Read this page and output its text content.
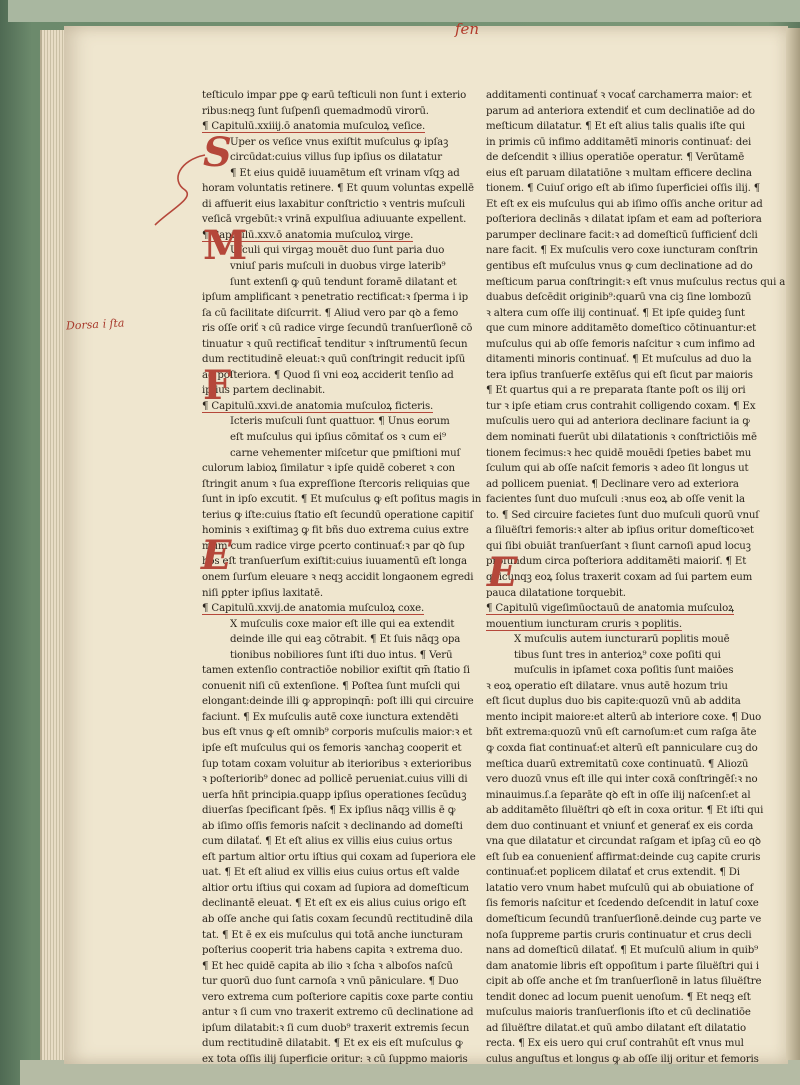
fen
Dorsa ı̇ ſta
teſticulo impar ꝑpe ꝙ earū teſticuli non ſunt i exterio
ribus:neqꝫ ſunt ſuſpenſi quemadmodū virorū.
¶ Capitulū.xxiiij.ō anatomia muſculoꝝ veſice.
Uper os veſice vnus exiſtit muſculus ꝙ ipſaꝫ
circūdat:cuius villus ſup ipſius os dilatatur
¶ Et eius quidē iuuamētum eſt vrinam vſqꝫ ad
horam voluntatis retinere. ¶ Et quum voluntas expellē
di affuerit eius laxabitur conſtrictio ꝛ ventris muſculi
veſicā vrgebūt:ꝛ vrinā expulſiua adiuuante expellent.
¶ Capitulū.xxv.ō anatomia muſculoꝝ virge.
Uſculi qui virgaꝫ mouēt duo ſunt paria duo
vniuſ paris muſculi in duobus virge laterib⁹
ſunt extenſi ꝙ quū tendunt foramē dilatant et
ipſum amplificant ꝛ penetratio rectificat:ꝛ ſperma i ip
ſa cū facilitate diſcurrit. ¶ Aliud vero par qꝺ a femo
ris oſſe oriť ꝛ cū radice virge ſecundū tranſuerſionē cō
tinuatur ꝛ quū rectificat̄ tenditur ꝛ inſtrumentū ſecun
dum rectitudinē eleuat:ꝛ quū conſtringit reducit ipſū
ad poſteriora. ¶ Quod ſi vni eoꝝ acciderit tenſio ad
ipſius partem declinabit.
¶ Capitulū.xxvi.de anatomia muſculoꝝ ficteris.
Icteris muſculi ſunt quattuor. ¶ Unus eorum
eſt muſculus qui ipſius cōmitať os ꝛ cum ei⁹
carne vehementer miſcetur que pmiſtioni muſ
culorum labioꝝ ſimilatur ꝛ ipſe quidē coberet ꝛ con
ſtringit anum ꝛ ſua expreſſione ſtercoris reliquias que
ſunt in ipſo excutit. ¶ Et muſculus ꝙ eſt poſitus magis in
terius ꝙ iſte:cuius ſtatio eſt ſecundū operatione capitiſ
hominis ꝛ exiſtimaꝫ ꝙ fit bñs duo extrema cuius extre
mum cum radice virge ꝑcerto continuať:ꝛ par qꝺ ſup
hos eſt tranſuerſum exiſtit:cuius iuuamentū eſt longa
onem ſurſum eleuare ꝛ neqꝫ accidit longaonem egredi
niſi ꝑpter ipſius laxitatē.
¶ Capitulū.xxvij.de anatomia muſculoꝝ coxe.
X muſculis coxe maior eſt ille qui ea extendit
deinde ille qui eaꝫ cōtrabit. ¶ Et ſuis nāqꝫ opa
tionibus nobiliores ſunt iſti duo intus. ¶ Verū
tamen extenſio contractiōe nobilior exiſtit qm̄ ſtatio ſi
conuenit niſi cū extenſione. ¶ Poſtea ſunt muſcli qui
elongant:deinde illi ꝙ appropinqn̄: poſt illi qui circuire
faciunt. ¶ Ex muſculis autē coxe iunctura extendēti
bus eſt vnus ꝙ eſt omnib⁹ corporis muſculis maior:ꝛ et
ipſe eſt muſculus qui os femoris ꝛanchaꝫ cooperit et
ſup totam coxam voluitur ab iterioribus ꝛ exterioribus
ꝛ poſteriorib⁹ donec ad pollicē perueniat.cuius villi di
uerſa hñt principia.quapp ipſius operationes ſecūduꝫ
diuerſas ſpecificant ſpēs. ¶ Ex ipſius nāqꝫ villis ē ꝙ
ab iſimo oſſis femoris naſcit ꝛ declinando ad domeſti
cum dilatať. ¶ Et eſt alius ex villis eius cuius ortus
eſt partum altior ortu iſtius qui coxam ad ſuperiora ele
uat. ¶ Et eſt aliud ex villis eius cuius ortus eſt valde
altior ortu iſtius qui coxam ad ſupiora ad domeſticum
declinantē eleuat. ¶ Et eſt ex eis alius cuius origo eſt
ab oſſe anche qui ſatis coxam ſecundū rectitudinē dila
tat. ¶ Et ē ex eis muſculus qui totā anche iuncturam
poſterius cooperit tria habens capita ꝛ extrema duo.
¶ Et hec quidē capita ab ilio ꝛ ſcha ꝛ alboſos naſcū
tur quorū duo ſunt carnoſa ꝛ vnū pāniculare. ¶ Duo
vero extrema cum poſteriore capitis coxe parte contiu
antur ꝛ ſi cum vno traxerit extremo cū declinatione ad
ipſum dilatabit:ꝛ ſi cum duob⁹ traxerit extremis ſecun
dum rectitudinē dilatabit. ¶ Et ex eis eſt muſculus ꝙ
ex tota oſſis ilij ſuperficie oritur: ꝛ cū ſuppmo maioris
additamenti continuať ꝛ vocať carchamerra maior: et
parum ad anteriora extendiť et cum declinatiōe ad do
meſticum dilatatur. ¶ Et eſt alius talis qualis iſte qui
in primis cū infimo additamētī minoris continuať: dei
de deſcendit ꝛ illius operatiōe operatur. ¶ Verūtamē
eius eſt paruam dilatatiōne ꝛ multam efficere declina
tionem. ¶ Cuiuſ origo eſt ab iſimo ſuperficiei oſſis ilij. ¶
Et eſt ex eis muſculus qui ab iſimo oſſis anche oritur ad
poſteriora declinās ꝛ dilatat ipſam et eam ad poſteriora
parumper declinare facit:ꝛ ad domeſticū ſufficienť dcli
nare facit. ¶ Ex muſculis vero coxe iuncturam conſtrin
gentibus eſt muſculus vnus ꝙ cum declinatione ad do
meſticum parua conſtringit:ꝛ eſt vnus muſculus rectus qui a
duabus deſcēdit originib⁹:quarū vna ciꝫ ſine lombozū
ꝛ altera cum oſſe ilij continuať. ¶ Et ipſe quideꝫ ſunt
que cum minore additamēto domeſtico cōtinuantur:et
muſculus qui ab oſſe femoris naſcitur ꝛ cum infimo ad
ditamenti minoris continuať. ¶ Et muſculus ad duo la
tera ipſius tranſuerſe extēſus qui eſt ſicut par maioris
¶ Et quartus qui a re preparata ſtante poſt os ilij ori
tur ꝛ ipſe etiam crus contrahit colligendo coxam. ¶ Ex
muſculis uero qui ad anteriora declinare faciunt ia ꝙ
dem nominati fuerūt ubi dilatationis ꝛ conſtrictiōis mē
tionem fecimus:ꝛ hec quidē mouēdi ſpeties babet mu
ſculum qui ab oſſe naſcit femoris ꝛ adeo ſit longus ut
ad pollicem pueniat. ¶ Declinare vero ad exteriora
facientes ſunt duo muſculi :ꝛnus eoꝝ ab oſſe venit la
to. ¶ Sed circuire facietes ſunt duo muſculi quorū vnuſ
a ſiluëſtri femoris:ꝛ alter ab ipſius oritur domeſticoꝛet
qui ſibi obuiāt tranſuerſant ꝛ ſiunt carnoſi apud locuꝫ
profundum circa poſteriora additamēti maioriſ. ¶ Et
quicunqꝫ eoꝝ ſolus traxerit coxam ad ſui partem eum
pauca dilatatione torquebit.
¶ Capitulū vigeſimūoctauū de anatomia muſculoꝝ
mouentium iuncturam cruris ꝛ poplitis.
X muſculis autem iuncturarū poplitis mouē
tibus ſunt tres in anterioꝝ⁹ coxe poſiti qui
muſculis in ipſamet coxa poſitis ſunt maiōes
ꝛ eoꝝ operatio eſt dilatare. vnus autē hozum triu
eſt ſicut duplus duo bis capite:quozū vnū ab addita
mento incipit maiore:et alterū ab interiore coxe. ¶ Duo
bñt extrema:quozū vnū eſt carnoſum:et cum raſga āte
ꝙ coxda fiat continuať:et alterū eſt panniculare cuꝫ do
meſtica duarū extremitatū coxe continuatū. ¶ Aliozū
vero duozū vnus eſt ille qui inter coxā conſtringēſ:ꝛ no
minauimus.ſ.a ſeparāte qꝺ eſt in oſſe ilij naſcenſ:et al
ab additamēto ſiluëſtri qꝺ eſt in coxa oritur. ¶ Et iſti qui
dem duo continuant et vniunť et generať ex eis corda
vna que dilatatur et circundat raſgam et ipſaꝫ cū eo qꝺ
eſt ſub ea conuenienť affirmat:deinde cuꝫ capite cruris
continuať:et poplicem dilatať et crus extendit. ¶ Di
latatio vero vnum habet muſculū qui ab obuiatione of
ſis femoris naſcitur et ſcedendo deſcendit in latuſ coxe
domeſticum ſecundū tranſuerſionē.deinde cuꝫ parte ve
noſa ſuppreme partis cruris continuatur et crus decli
nans ad domeſticū dilatať. ¶ Et muſculū alium in quib⁹
dam anatomie libris eſt oppoſitum i parte ſiluëſtri qui i
cipit ab oſſe anche et ſm tranſuerſionē in latus ſiluëſtre
tendit donec ad locum puenit uenoſum. ¶ Et neqꝫ eſt
muſculus maioris tranſuerſionis iſto et cū declinatiōe
ad ſiluëſtre dilatat.et quū ambo dilatant eſt dilatatio
recta. ¶ Ex eis uero qui cruſ contrahūt eſt vnus mul
culus anguſtus et longus ꝙ ab oſſe ilij oritur et femoris
S
M
F
E	E
